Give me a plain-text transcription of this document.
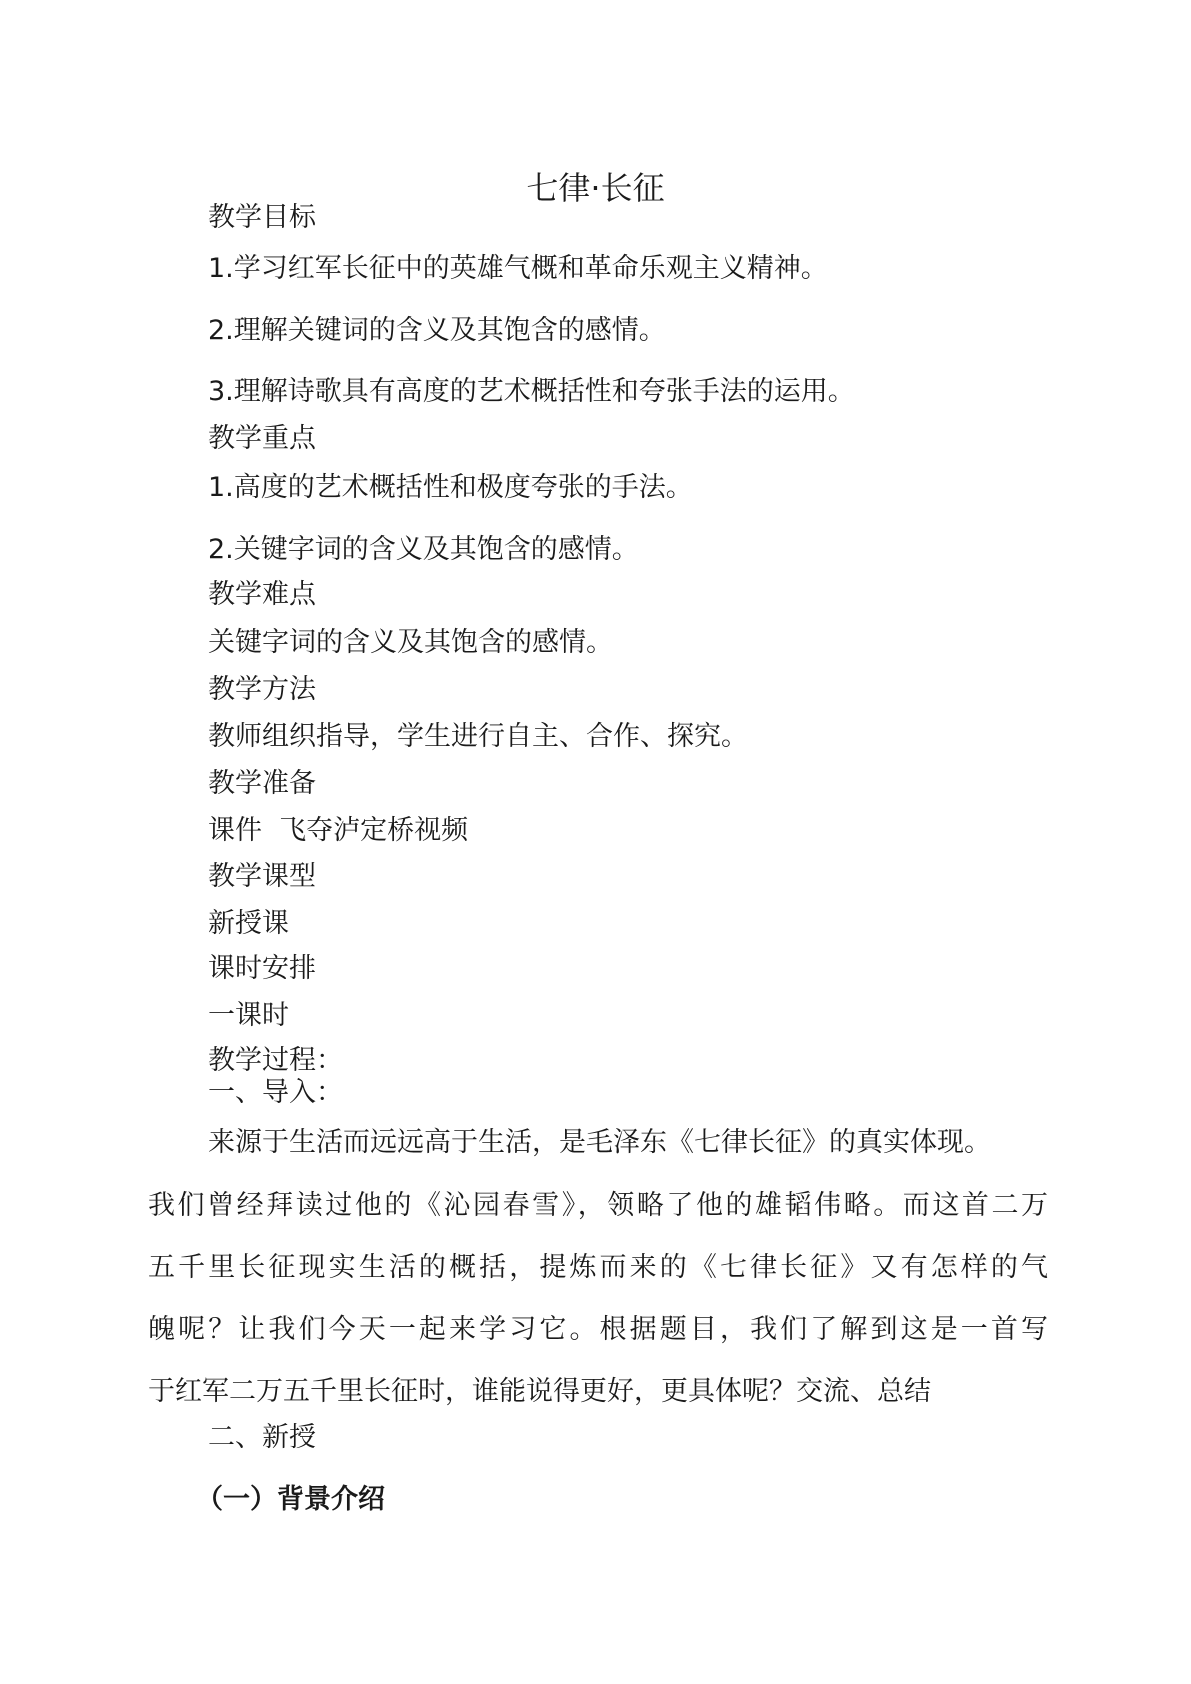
七律·长征

教学目标

1.学习红军长征中的英雄气概和革命乐观主义精神。

2.理解关键词的含义及其饱含的感情。

3.理解诗歌具有高度的艺术概括性和夸张手法的运用。

教学重点

1.高度的艺术概括性和极度夸张的手法。

2.关键字词的含义及其饱含的感情。

教学难点

关键字词的含义及其饱含的感情。

教学方法

教师组织指导，学生进行自主、合作、探究。

教学准备

课件  飞夺泸定桥视频

教学课型

新授课

课时安排

一课时

教学过程：

一、导入：

来源于生活而远远高于生活，是毛泽东《七律长征》的真实体现。

我们曾经拜读过他的《沁园春雪》，领略了他的雄韬伟略。而这首二万

五千里长征现实生活的概括，提炼而来的《七律长征》又有怎样的气

魄呢？让我们今天一起来学习它。根据题目，我们了解到这是一首写

于红军二万五千里长征时，谁能说得更好，更具体呢？交流、总结

二、新授

（一）背景介绍
